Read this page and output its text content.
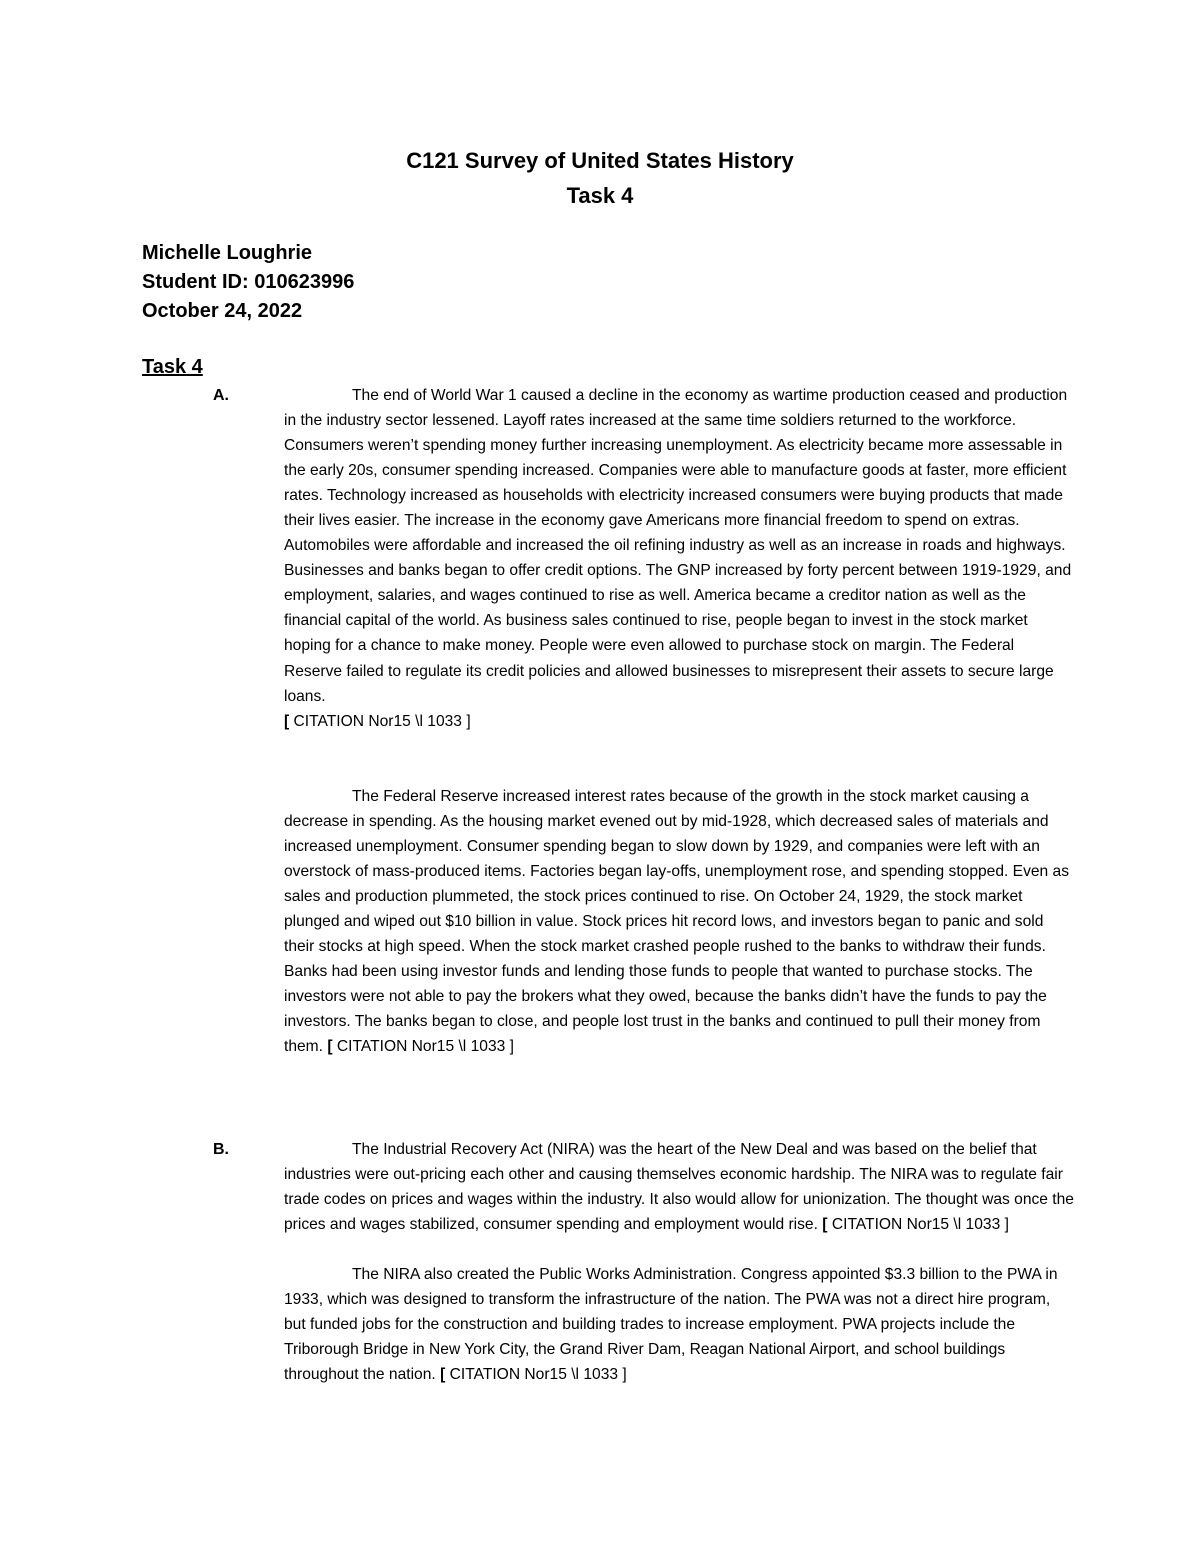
C121 Survey of United States History
Task 4
Michelle Loughrie
Student ID: 010623996
October 24, 2022
Task 4
A.	The end of World War 1 caused a decline in the economy as wartime production ceased and production in the industry sector lessened. Layoff rates increased at the same time soldiers returned to the workforce. Consumers weren’t spending money further increasing unemployment. As electricity became more assessable in the early 20s, consumer spending increased. Companies were able to manufacture goods at faster, more efficient rates. Technology increased as households with electricity increased consumers were buying products that made their lives easier. The increase in the economy gave Americans more financial freedom to spend on extras. Automobiles were affordable and increased the oil refining industry as well as an increase in roads and highways. Businesses and banks began to offer credit options. The GNP increased by forty percent between 1919-1929, and employment, salaries, and wages continued to rise as well. America became a creditor nation as well as the financial capital of the world. As business sales continued to rise, people began to invest in the stock market hoping for a chance to make money. People were even allowed to purchase stock on margin. The Federal Reserve failed to regulate its credit policies and allowed businesses to misrepresent their assets to secure large loans.
[ CITATION Nor15 \l 1033 ]

The Federal Reserve increased interest rates because of the growth in the stock market causing a decrease in spending. As the housing market evened out by mid-1928, which decreased sales of materials and increased unemployment. Consumer spending began to slow down by 1929, and companies were left with an overstock of mass-produced items. Factories began lay-offs, unemployment rose, and spending stopped. Even as sales and production plummeted, the stock prices continued to rise. On October 24, 1929, the stock market plunged and wiped out $10 billion in value. Stock prices hit record lows, and investors began to panic and sold their stocks at high speed. When the stock market crashed people rushed to the banks to withdraw their funds. Banks had been using investor funds and lending those funds to people that wanted to purchase stocks. The investors were not able to pay the brokers what they owed, because the banks didn’t have the funds to pay the investors. The banks began to close, and people lost trust in the banks and continued to pull their money from them. [ CITATION Nor15 \l 1033 ]

B.	The Industrial Recovery Act (NIRA) was the heart of the New Deal and was based on the belief that industries were out-pricing each other and causing themselves economic hardship. The NIRA was to regulate fair trade codes on prices and wages within the industry. It also would allow for unionization. The thought was once the prices and wages stabilized, consumer spending and employment would rise. [ CITATION Nor15 \l 1033 ]

The NIRA also created the Public Works Administration. Congress appointed $3.3 billion to the PWA in 1933, which was designed to transform the infrastructure of the nation. The PWA was not a direct hire program, but funded jobs for the construction and building trades to increase employment. PWA projects include the Triborough Bridge in New York City, the Grand River Dam, Reagan National Airport, and school buildings throughout the nation. [ CITATION Nor15 \l 1033 ]
